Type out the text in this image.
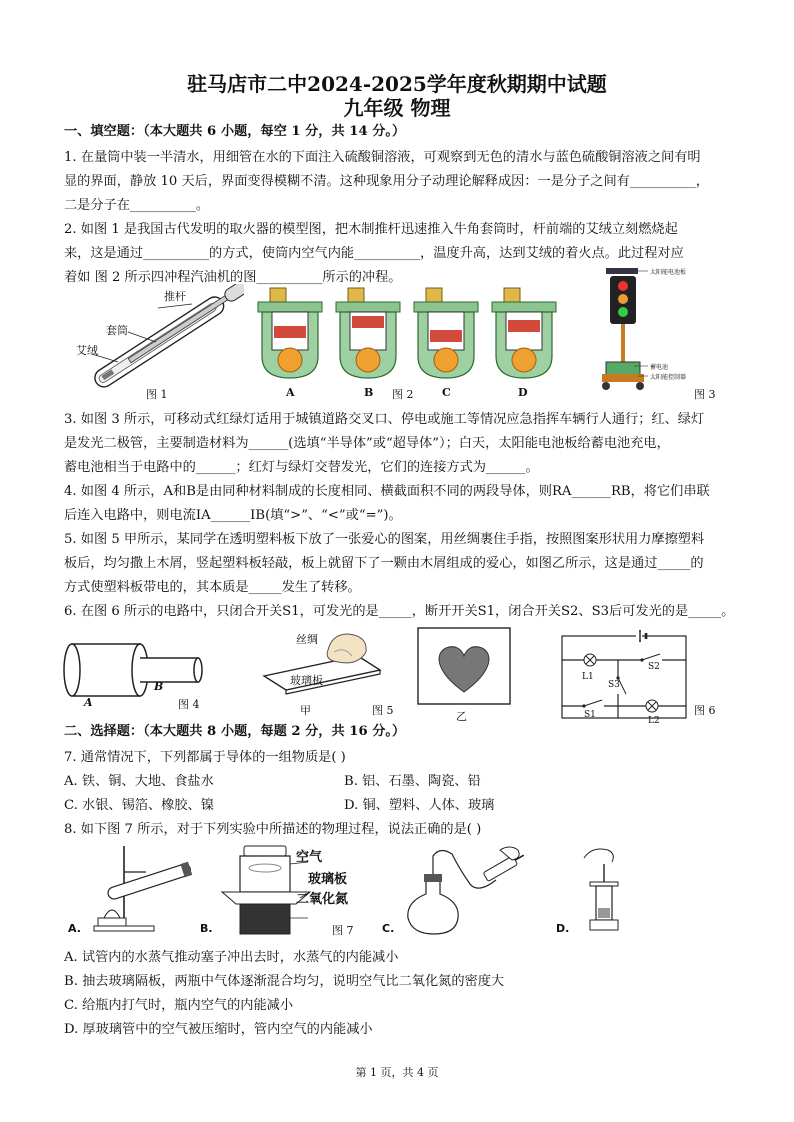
驻马店市二中2024-2025学年度秋期期中试题
九年级 物理
一、填空题：（本大题共 6 小题，每空 1 分，共 14 分。）
1. 在量筒中装一半清水，用细管在水的下面注入硫酸铜溶液，可观察到无色的清水与蓝色硫酸铜溶液之间有明
显的界面，静放 10 天后，界面变得模糊不清。这种现象用分子动理论解释成因：一是分子之间有__________，
二是分子在__________。
2. 如图 1 是我国古代发明的取火器的模型图，把木制推杆迅速推入牛角套筒时，杆前端的艾绒立刻燃烧起
来，这是通过__________的方式，使筒内空气内能__________，温度升高，达到艾绒的着火点。此过程对应
着如 图 2 所示四冲程汽油机的图__________所示的冲程。
推杆
套筒
艾绒
图 1	A	B 图 2	C	D
太阳能电池板
蓄电池
太阳能控制器
图 3
3. 如图 3 所示，可移动式红绿灯适用于城镇道路交叉口、停电或施工等情况应急指挥车辆行人通行；红、绿灯
是发光二极管，主要制造材料为______(选填“半导体”或“超导体”）；白天，太阳能电池板给蓄电池充电，
蓄电池相当于电路中的______；红灯与绿灯交替发光，它们的连接方式为______。
4. 如图 4 所示，A和B是由同种材料制成的长度相同、横截面积不同的两段导体，则RA______RB，将它们串联
后连入电路中，则电流IA______IB(填“>”、“<”或“=”)。
5. 如图 5 甲所示，某同学在透明塑料板下放了一张爱心的图案，用丝绸裹住手指，按照图案形状用力摩擦塑料
板后，均匀撒上木屑，竖起塑料板轻敲，板上就留下了一颗由木屑组成的爱心，如图乙所示，这是通过_____的
方式使塑料板带电的，其本质是_____发生了转移。
6. 在图 6 所示的电路中，只闭合开关S1，可发光的是_____，断开开关S1，闭合开关S2、S3后可发光的是_____。
A
B
图 4
丝绸
玻璃板
甲	图 5	乙
L1
S2
S3
S1
L2
图 6
二、选择题：（本大题共 8 小题，每题 2 分，共 16 分。）
7. 通常情况下，下列都属于导体的一组物质是( )
A. 铁、铜、大地、食盐水	B. 铝、石墨、陶瓷、铅
C. 水银、锡箔、橡胶、镍	D. 铜、塑料、人体、玻璃
8. 如下图 7 所示，对于下列实验中所描述的物理过程，说法正确的是( )
A.
空气
玻璃板
二氧化氮
B.	图 7	C.	D.
A. 试管内的水蒸气推动塞子冲出去时，水蒸气的内能减小
B. 抽去玻璃隔板，两瓶中气体逐渐混合均匀，说明空气比二氧化氮的密度大
C. 给瓶内打气时，瓶内空气的内能减小
D. 厚玻璃管中的空气被压缩时，管内空气的内能减小
第 1 页，共 4 页
